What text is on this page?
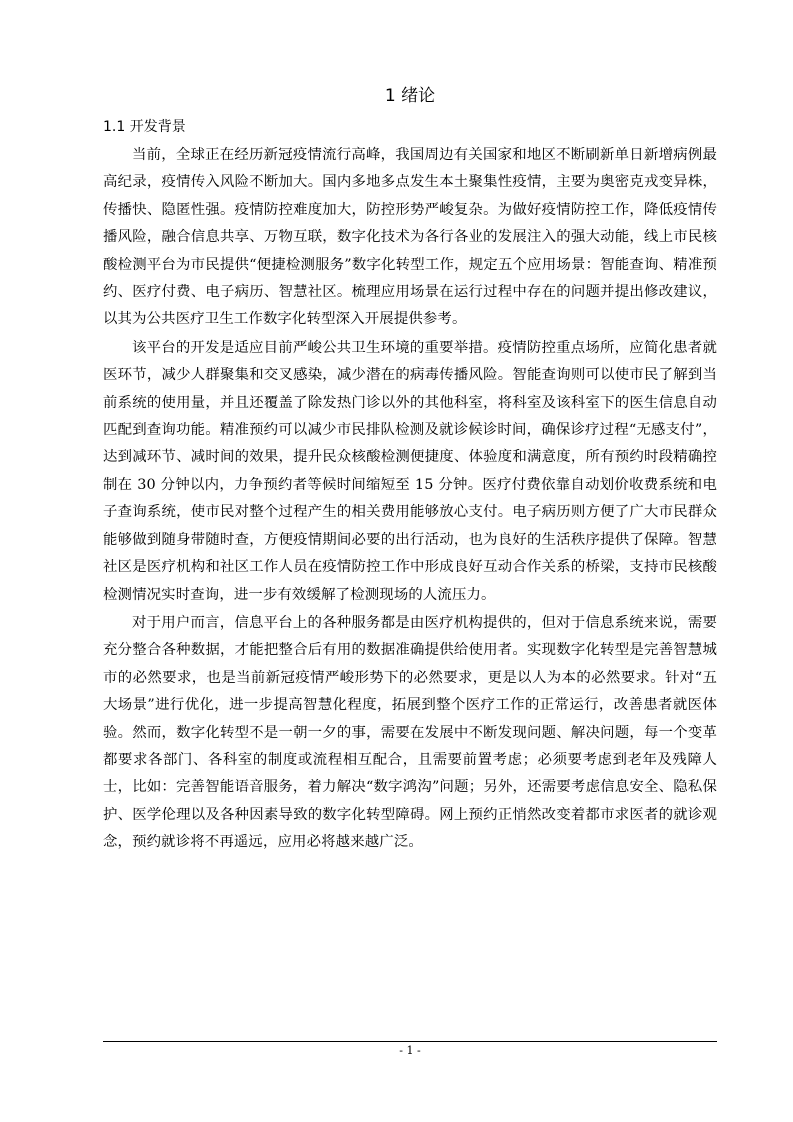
1 绪论
1.1 开发背景

当前，全球正在经历新冠疫情流行高峰，我国周边有关国家和地区不断刷新单日新增病例最高纪录，疫情传入风险不断加大。国内多地多点发生本土聚集性疫情，主要为奥密克戎变异株，传播快、隐匿性强。疫情防控难度加大，防控形势严峻复杂。为做好疫情防控工作，降低疫情传播风险，融合信息共享、万物互联，数字化技术为各行各业的发展注入的强大动能，线上市民核酸检测平台为市民提供“便捷检测服务”数字化转型工作，规定五个应用场景：智能查询、精准预约、医疗付费、电子病历、智慧社区。梳理应用场景在运行过程中存在的问题并提出修改建议，以其为公共医疗卫生工作数字化转型深入开展提供参考。

该平台的开发是适应目前严峻公共卫生环境的重要举措。疫情防控重点场所，应简化患者就医环节，减少人群聚集和交叉感染，减少潜在的病毒传播风险。智能查询则可以使市民了解到当前系统的使用量，并且还覆盖了除发热门诊以外的其他科室，将科室及该科室下的医生信息自动匹配到查询功能。精准预约可以减少市民排队检测及就诊候诊时间，确保诊疗过程“无感支付”，达到减环节、减时间的效果，提升民众核酸检测便捷度、体验度和满意度，所有预约时段精确控制在 30 分钟以内，力争预约者等候时间缩短至 15 分钟。医疗付费依靠自动划价收费系统和电子查询系统，使市民对整个过程产生的相关费用能够放心支付。电子病历则方便了广大市民群众能够做到随身带随时查，方便疫情期间必要的出行活动，也为良好的生活秩序提供了保障。智慧社区是医疗机构和社区工作人员在疫情防控工作中形成良好互动合作关系的桥梁，支持市民核酸检测情况实时查询，进一步有效缓解了检测现场的人流压力。

对于用户而言，信息平台上的各种服务都是由医疗机构提供的，但对于信息系统来说，需要充分整合各种数据，才能把整合后有用的数据准确提供给使用者。实现数字化转型是完善智慧城市的必然要求，也是当前新冠疫情严峻形势下的必然要求，更是以人为本的必然要求。针对“五大场景”进行优化，进一步提高智慧化程度，拓展到整个医疗工作的正常运行，改善患者就医体验。然而，数字化转型不是一朝一夕的事，需要在发展中不断发现问题、解决问题，每一个变革都要求各部门、各科室的制度或流程相互配合，且需要前置考虑；必须要考虑到老年及残障人士，比如：完善智能语音服务，着力解决“数字鸿沟”问题；另外，还需要考虑信息安全、隐私保护、医学伦理以及各种因素导致的数字化转型障碍。网上预约正悄然改变着都市求医者的就诊观念，预约就诊将不再遥远，应用必将越来越广泛。

- 1 -
